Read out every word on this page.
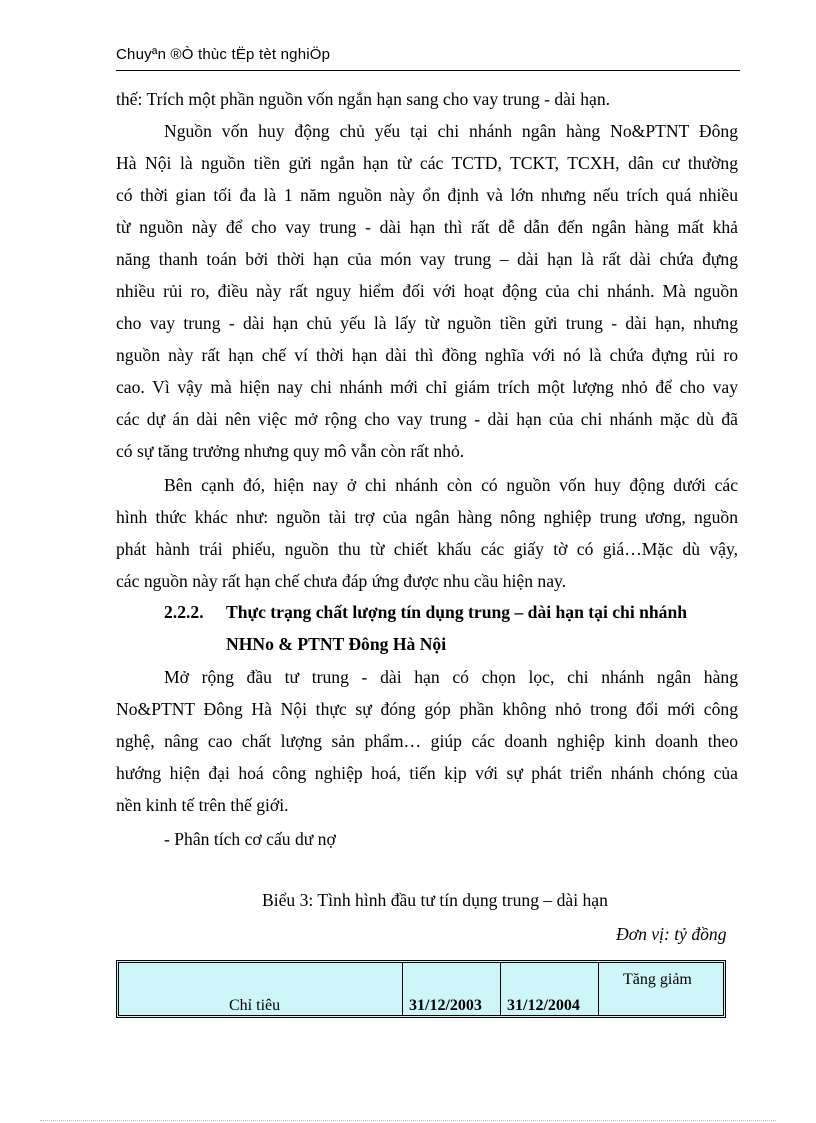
Chuyªn ®Ò thùc tËp tèt nghiÖp
thế: Trích một phần nguồn vốn ngắn hạn sang cho vay trung - dài hạn.
Nguồn vốn huy động chủ yếu tại chi nhánh ngân hàng No&PTNT Đông
Hà Nội là nguồn tiền gửi ngắn hạn từ các TCTD, TCKT, TCXH, dân cư thường
có thời gian tối đa là 1 năm nguồn này ổn định và lớn nhưng nếu trích quá nhiều
từ nguồn này để cho vay trung - dài hạn thì rất dễ dẫn đến ngân hàng mất khả
năng thanh toán bởi thời hạn của món vay trung – dài hạn là rất dài chứa đựng
nhiều rủi ro, điều này rất nguy hiểm đối với hoạt động của chi nhánh. Mà nguồn
cho vay trung - dài hạn chủ yếu là lấy từ nguồn tiền gửi trung - dài hạn, nhưng
nguồn này rất hạn chế ví thời hạn dài thì đồng nghĩa với nó là chứa đựng rủi ro
cao. Vì vậy mà hiện nay chi nhánh mới chỉ giám trích một lượng nhỏ để cho vay
các dự án dài nên việc mở rộng cho vay trung - dài hạn của chi nhánh mặc dù đã
có sự tăng trưởng nhưng quy mô vẫn còn rất nhỏ.
Bên cạnh đó, hiện nay ở chi nhánh còn có nguồn vốn huy động dưới các
hình thức khác như: nguồn tài trợ của ngân hàng nông nghiệp trung ương, nguồn
phát hành trái phiếu, nguồn thu từ chiết khấu các giấy tờ có giá…Mặc dù vậy,
các nguồn này rất hạn chế chưa đáp ứng được nhu cầu hiện nay.
2.2.2. Thực trạng chất lượng tín dụng trung – dài hạn tại chi nhánh
NHNo & PTNT Đông Hà Nội
Mở rộng đầu tư trung - dài hạn có chọn lọc, chi nhánh ngân hàng
No&PTNT Đông Hà Nội thực sự đóng góp phần không nhỏ trong đổi mới công
nghệ, nâng cao chất lượng sản phẩm… giúp các doanh nghiệp kinh doanh theo
hướng hiện đại hoá công nghiệp hoá, tiến kịp với sự phát triển nhánh chóng của
nền kinh tế trên thế giới.
- Phân tích cơ cấu dư nợ
Biểu 3: Tình hình đầu tư tín dụng trung – dài hạn
Đơn vị: tỷ đồng
Chỉ tiêu	31/12/2003 31/12/2004
Tăng giảm
